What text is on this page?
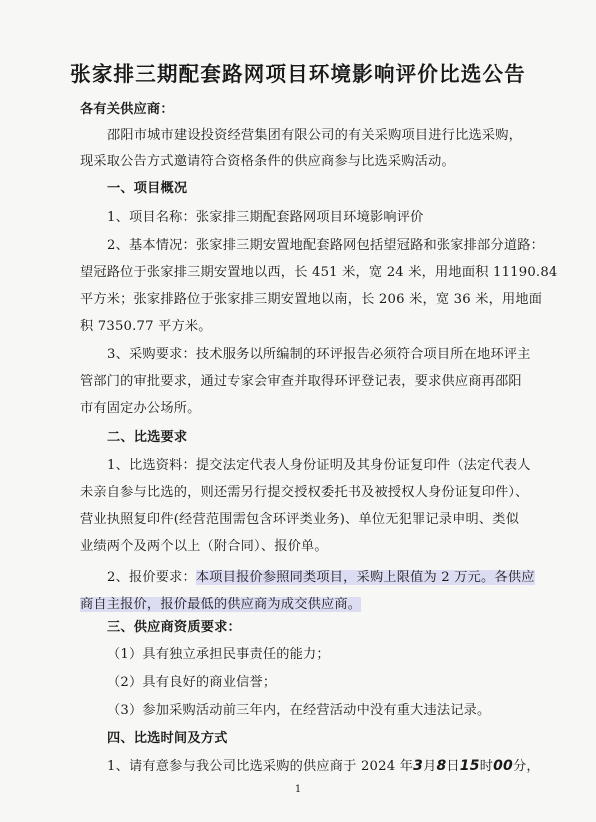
张家排三期配套路网项目环境影响评价比选公告
各有关供应商：
邵阳市城市建设投资经营集团有限公司的有关采购项目进行比选采购，
现采取公告方式邀请符合资格条件的供应商参与比选采购活动。
一、项目概况
1、项目名称：张家排三期配套路网项目环境影响评价
2、基本情况：张家排三期安置地配套路网包括望冠路和张家排部分道路：
望冠路位于张家排三期安置地以西，长 451 米，宽 24 米，用地面积 11190.84
平方米；张家排路位于张家排三期安置地以南，长 206 米，宽 36 米，用地面
积 7350.77 平方米。
3、采购要求：技术服务以所编制的环评报告必须符合项目所在地环评主
管部门的审批要求，通过专家会审查并取得环评登记表，要求供应商再邵阳
市有固定办公场所。
二、比选要求
1、比选资料：提交法定代表人身份证明及其身份证复印件（法定代表人
未亲自参与比选的，则还需另行提交授权委托书及被授权人身份证复印件）、
营业执照复印件(经营范围需包含环评类业务)、单位无犯罪记录申明、类似
业绩两个及两个以上（附合同）、报价单。
2、报价要求：本项目报价参照同类项目，采购上限值为 2 万元。各供应
商自主报价，报价最低的供应商为成交供应商。
三、供应商资质要求：
（1）具有独立承担民事责任的能力；
（2）具有良好的商业信誉；
（3）参加采购活动前三年内，在经营活动中没有重大违法记录。
四、比选时间及方式
1、请有意参与我公司比选采购的供应商于 2024 年3月8日15时00分，
1
